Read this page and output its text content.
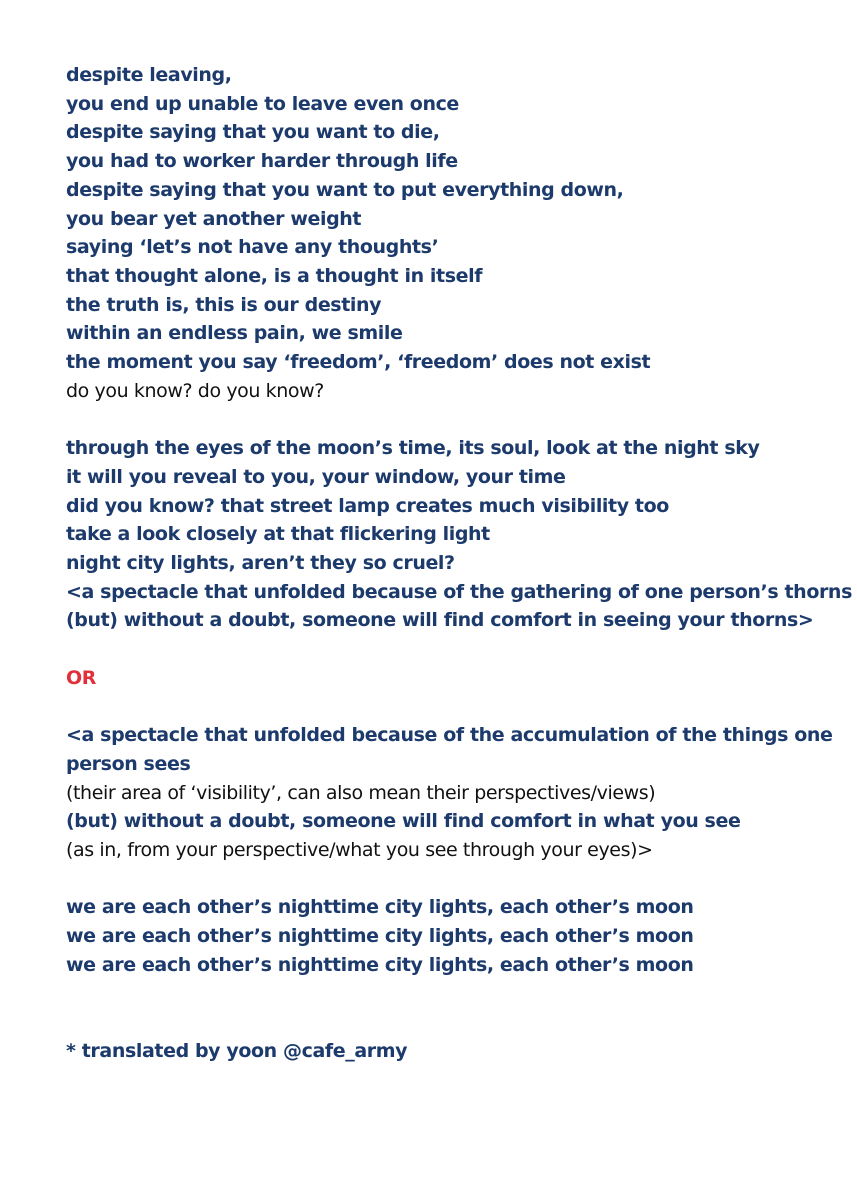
despite leaving,

you end up unable to leave even once

despite saying that you want to die,

you had to worker harder through life

despite saying that you want to put everything down,

you bear yet another weight

saying ‘let’s not have any thoughts’

that thought alone, is a thought in itself

the truth is, this is our destiny

within an endless pain, we smile

the moment you say ‘freedom’, ‘freedom’ does not exist

do you know? do you know?

through the eyes of the moon’s time, its soul, look at the night sky

it will you reveal to you, your window, your time

did you know? that street lamp creates much visibility too

take a look closely at that flickering light

night city lights, aren’t they so cruel?

<a spectacle that unfolded because of the gathering of one person’s thorns

(but) without a doubt, someone will find comfort in seeing your thorns>

OR

<a spectacle that unfolded because of the accumulation of the things one

person sees

(their area of ‘visibility’, can also mean their perspectives/views)

(but) without a doubt, someone will find comfort in what you see

(as in, from your perspective/what you see through your eyes)>

we are each other’s nighttime city lights, each other’s moon

we are each other’s nighttime city lights, each other’s moon

we are each other’s nighttime city lights, each other’s moon

* translated by yoon @cafe_army
